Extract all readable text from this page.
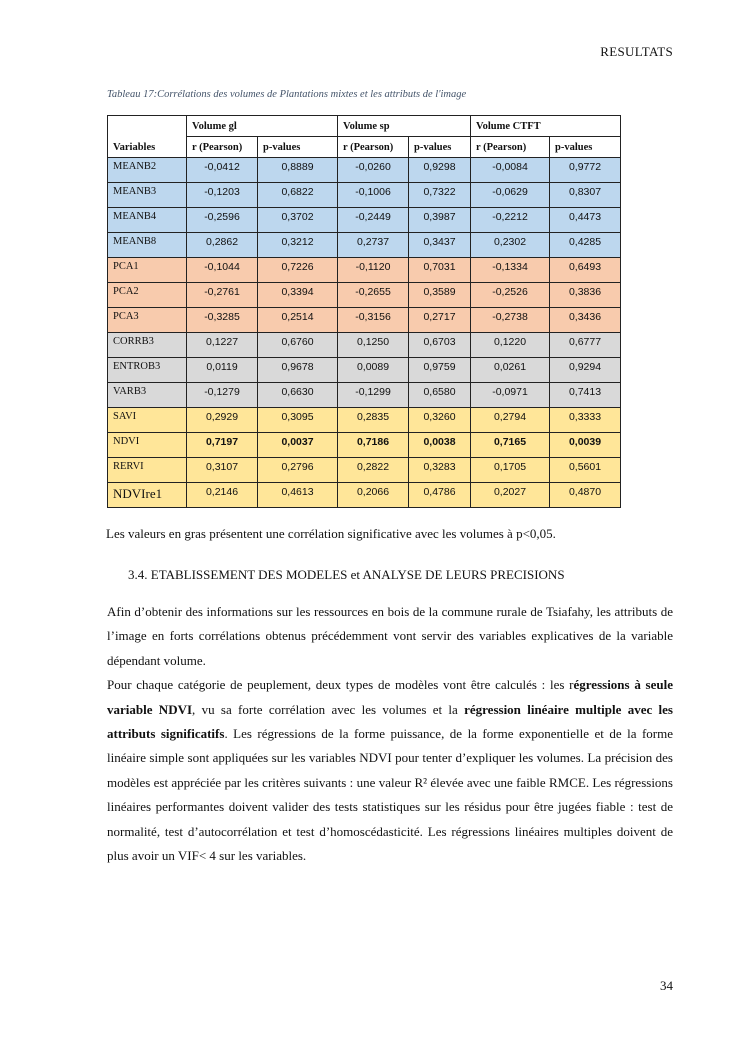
RESULTATS
Tableau 17:Corrélations des volumes de Plantations mixtes et les attributs de l'image
Variables	Volume gl		Volume sp		Volume CTFT	
	r (Pearson)	p-values	r (Pearson)	p-values	r (Pearson)	p-values
MEANB2	-0,0412	0,8889	-0,0260	0,9298	-0,0084	0,9772
MEANB3	-0,1203	0,6822	-0,1006	0,7322	-0,0629	0,8307
MEANB4	-0,2596	0,3702	-0,2449	0,3987	-0,2212	0,4473
MEANB8	0,2862	0,3212	0,2737	0,3437	0,2302	0,4285
PCA1	-0,1044	0,7226	-0,1120	0,7031	-0,1334	0,6493
PCA2	-0,2761	0,3394	-0,2655	0,3589	-0,2526	0,3836
PCA3	-0,3285	0,2514	-0,3156	0,2717	-0,2738	0,3436
CORRB3	0,1227	0,6760	0,1250	0,6703	0,1220	0,6777
ENTROB3	0,0119	0,9678	0,0089	0,9759	0,0261	0,9294
VARB3	-0,1279	0,6630	-0,1299	0,6580	-0,0971	0,7413
SAVI	0,2929	0,3095	0,2835	0,3260	0,2794	0,3333
NDVI	0,7197	0,0037	0,7186	0,0038	0,7165	0,0039
RERVI	0,3107	0,2796	0,2822	0,3283	0,1705	0,5601
NDVIre1	0,2146	0,4613	0,2066	0,4786	0,2027	0,4870
Les valeurs en gras présentent une corrélation significative avec les volumes à p<0,05.
3.4. ETABLISSEMENT DES MODELES et ANALYSE DE LEURS PRECISIONS

Afin d’obtenir des informations sur les ressources en bois de la commune rurale de Tsiafahy, les attributs de l’image en forts corrélations obtenus précédemment vont servir des variables explicatives de la variable dépendant volume.

Pour chaque catégorie de peuplement, deux types de modèles vont être calculés : les régressions à seule variable NDVI, vu sa forte corrélation avec les volumes et la régression linéaire multiple avec les attributs significatifs. Les régressions de la forme puissance, de la forme exponentielle et de la forme linéaire simple sont appliquées sur les variables NDVI pour tenter d’expliquer les volumes. La précision des modèles est appréciée par les critères suivants : une valeur R² élevée avec une faible RMCE. Les régressions linéaires performantes doivent valider des tests statistiques sur les résidus pour être jugées fiable : test de normalité, test d’autocorrélation et test d’homoscédasticité. Les régressions linéaires multiples doivent de plus avoir un VIF< 4 sur les variables.

34
